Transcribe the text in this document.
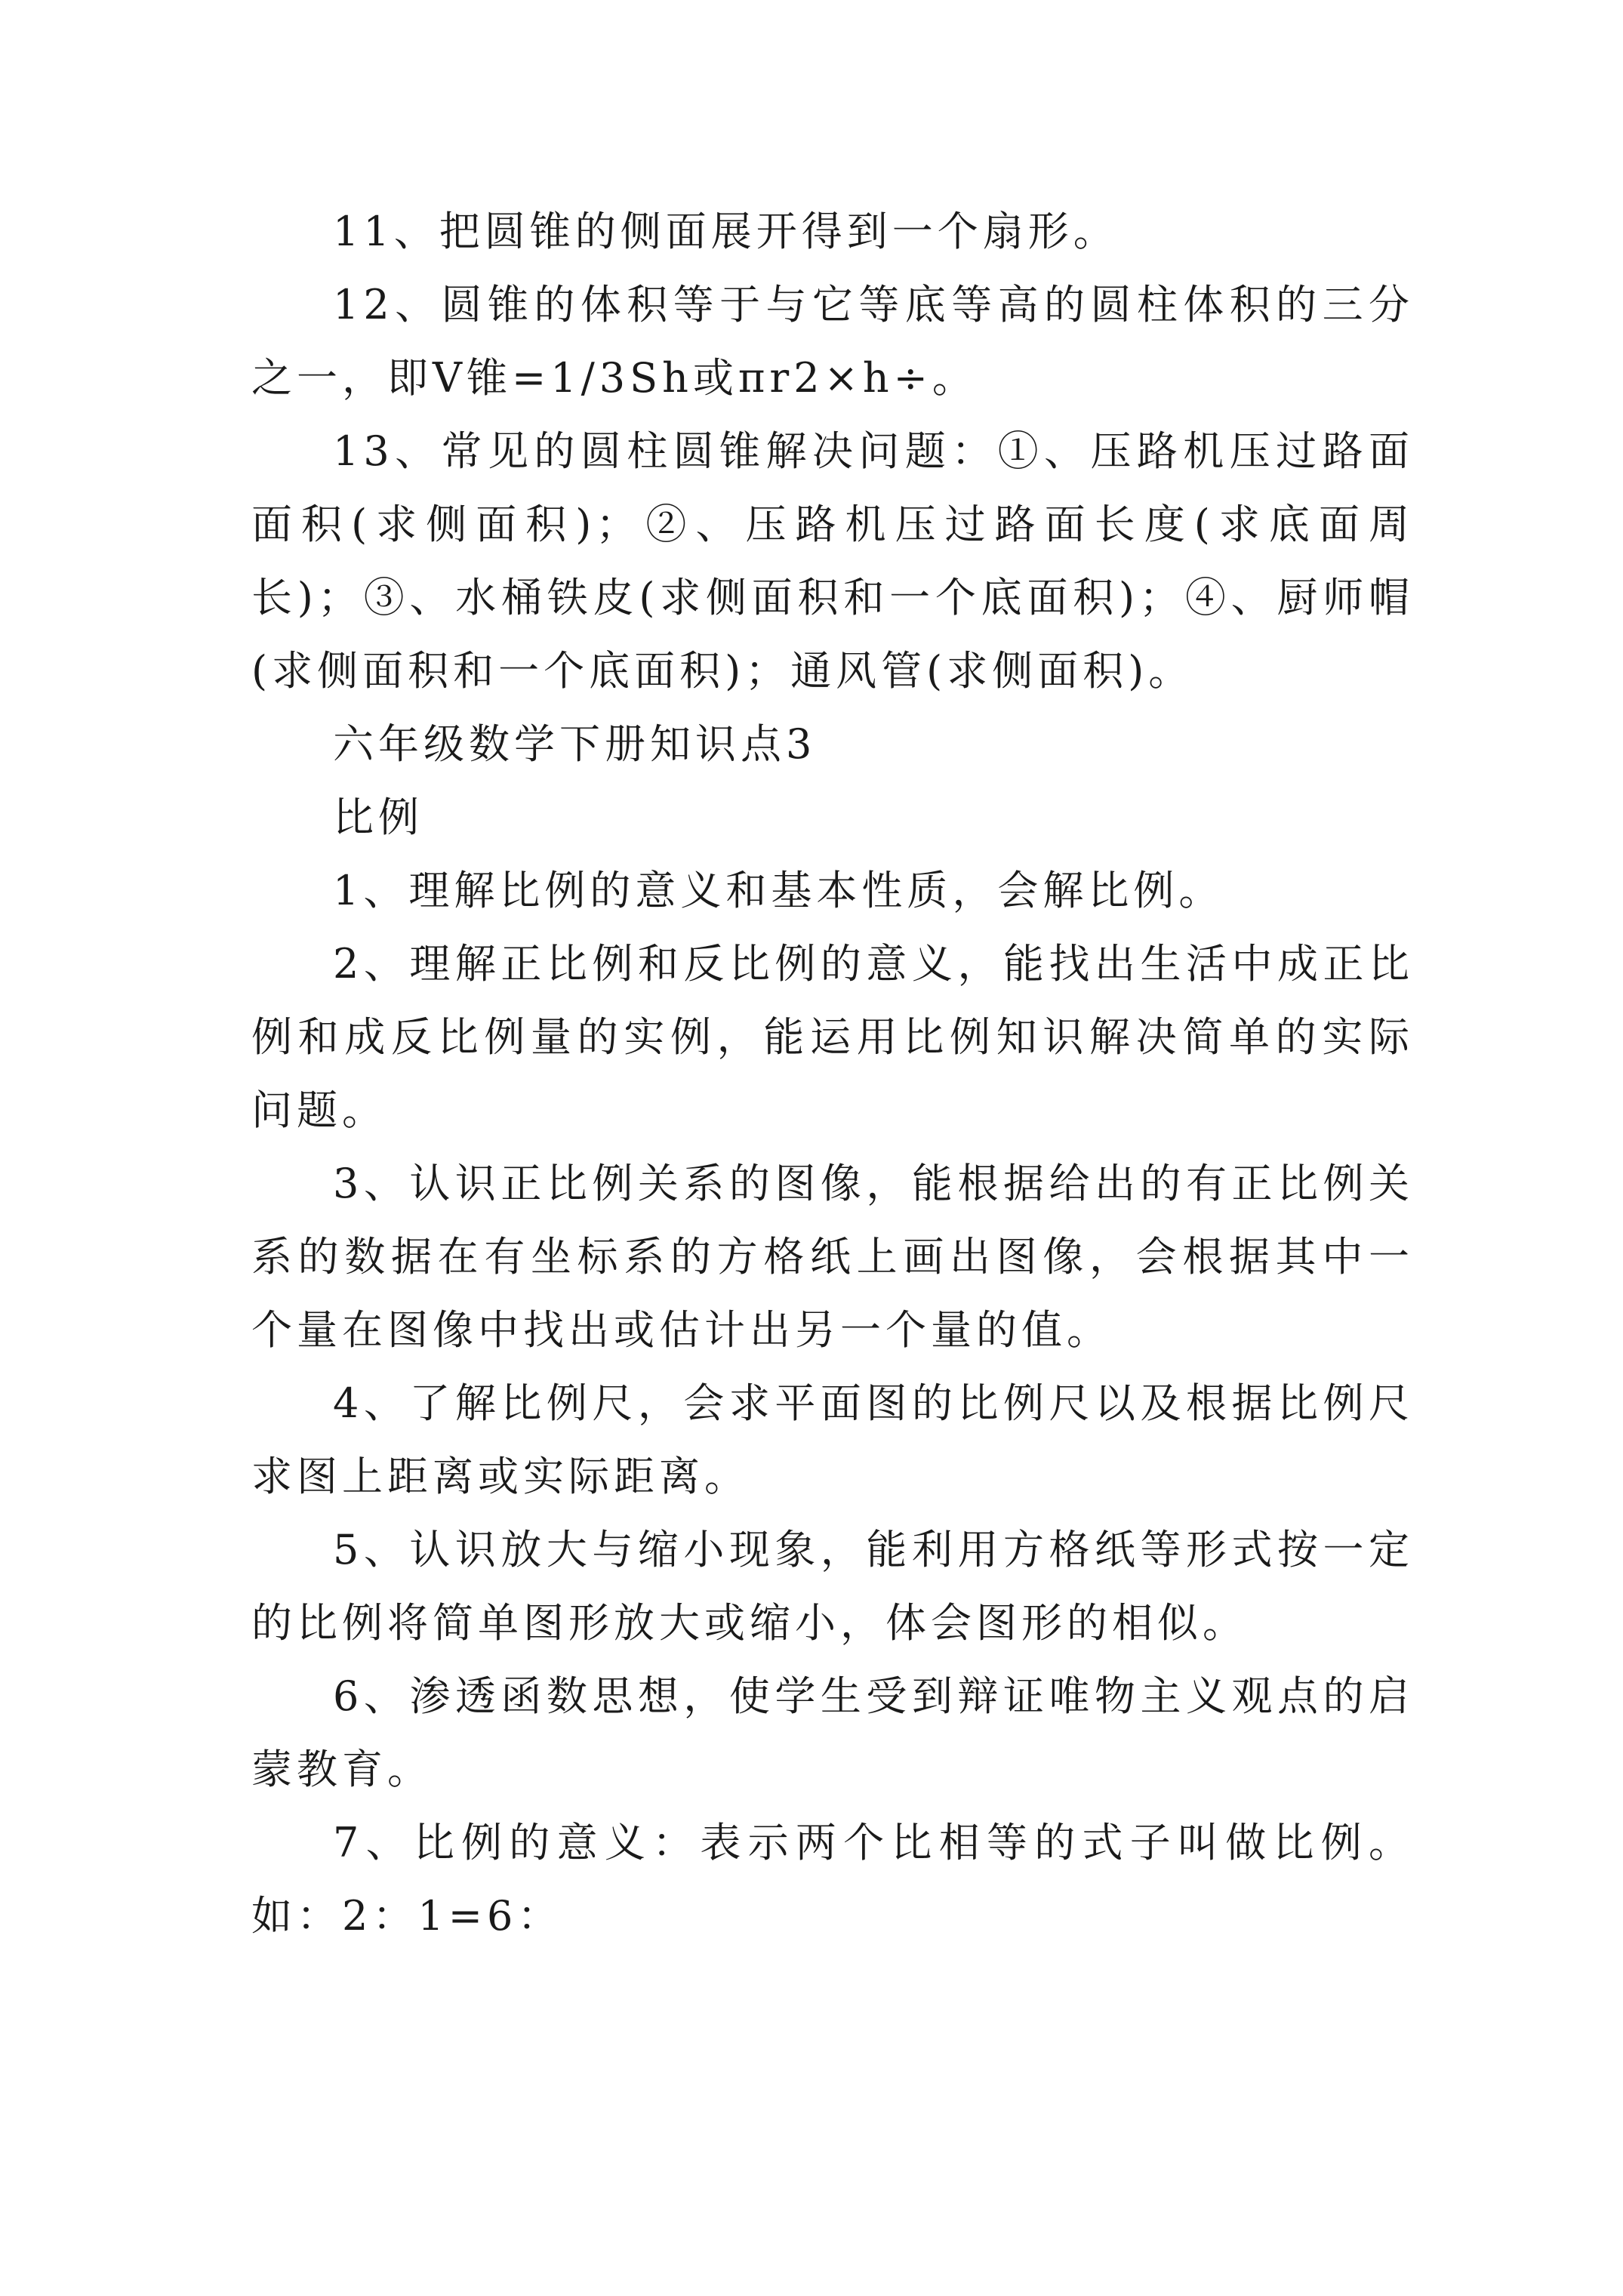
11、把圆锥的侧面展开得到一个扇形。

12、圆锥的体积等于与它等底等高的圆柱体积的三分之一，即V锥=1/3Sh或πr2×h÷。

13、常见的圆柱圆锥解决问题：①、压路机压过路面面积(求侧面积)；②、压路机压过路面长度(求底面周长)；③、水桶铁皮(求侧面积和一个底面积)；④、厨师帽(求侧面积和一个底面积)；通风管(求侧面积)。

六年级数学下册知识点3

比例

1、理解比例的意义和基本性质，会解比例。

2、理解正比例和反比例的意义，能找出生活中成正比例和成反比例量的实例，能运用比例知识解决简单的实际问题。

3、认识正比例关系的图像，能根据给出的有正比例关系的数据在有坐标系的方格纸上画出图像，会根据其中一个量在图像中找出或估计出另一个量的值。

4、了解比例尺，会求平面图的比例尺以及根据比例尺求图上距离或实际距离。

5、认识放大与缩小现象，能利用方格纸等形式按一定的比例将简单图形放大或缩小，体会图形的相似。

6、渗透函数思想，使学生受到辩证唯物主义观点的启蒙教育。

7、比例的意义：表示两个比相等的式子叫做比例。如：2：1=6：
